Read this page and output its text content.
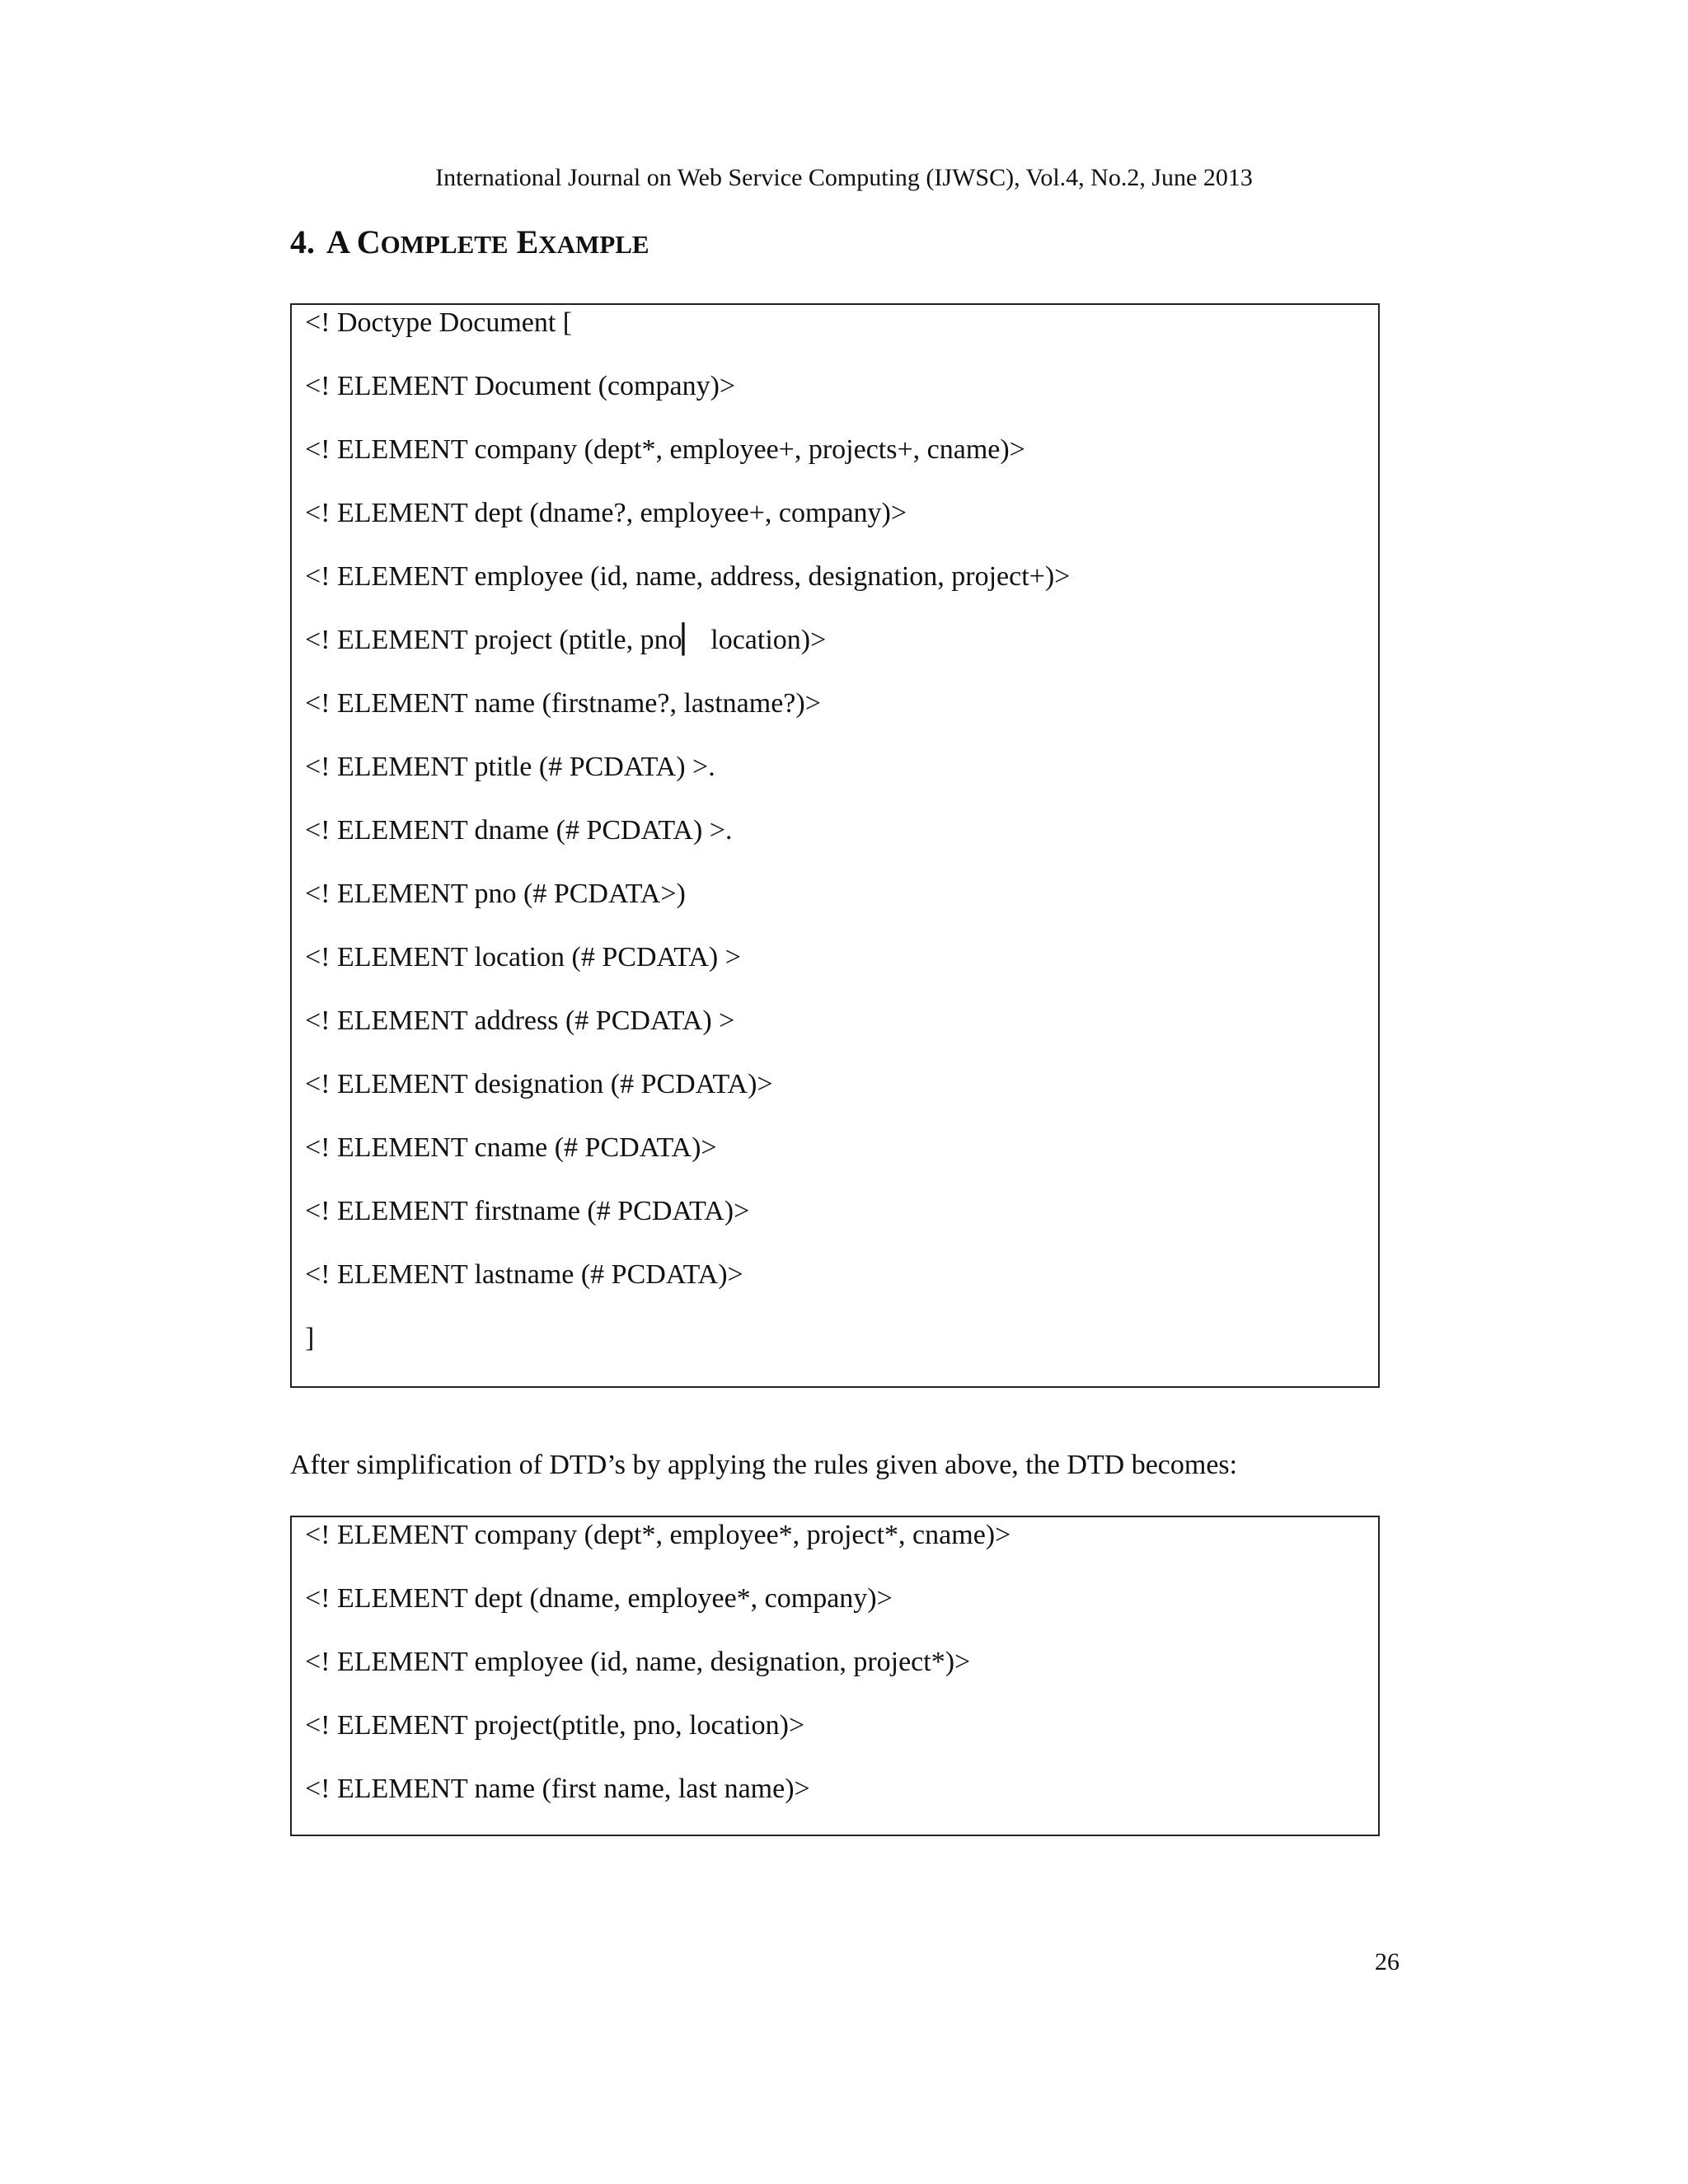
International Journal on Web Service Computing (IJWSC), Vol.4, No.2, June 2013
4. A COMPLETE EXAMPLE
<! Doctype Document [
<! ELEMENT Document (company)>
<! ELEMENT company (dept*, employee+, projects+, cname)>
<! ELEMENT dept (dname?, employee+, company)>
<! ELEMENT employee (id, name, address, designation, project+)>
<! ELEMENT project (ptitle, pno▏ location)>
<! ELEMENT name (firstname?, lastname?)>
<! ELEMENT ptitle (# PCDATA) >.
<! ELEMENT dname (# PCDATA) >.
<! ELEMENT pno (# PCDATA>)
<! ELEMENT location (# PCDATA) >
<! ELEMENT address (# PCDATA) >
<! ELEMENT designation (# PCDATA)>
<! ELEMENT cname (# PCDATA)>
<! ELEMENT firstname (# PCDATA)>
<! ELEMENT lastname (# PCDATA)>
]
After simplification of DTD’s by applying the rules given above, the DTD becomes:
<! ELEMENT company (dept*, employee*, project*, cname)>
<! ELEMENT dept (dname, employee*, company)>
<! ELEMENT employee (id, name, designation, project*)>
<! ELEMENT project(ptitle, pno, location)>
<! ELEMENT name (first name, last name)>
26
